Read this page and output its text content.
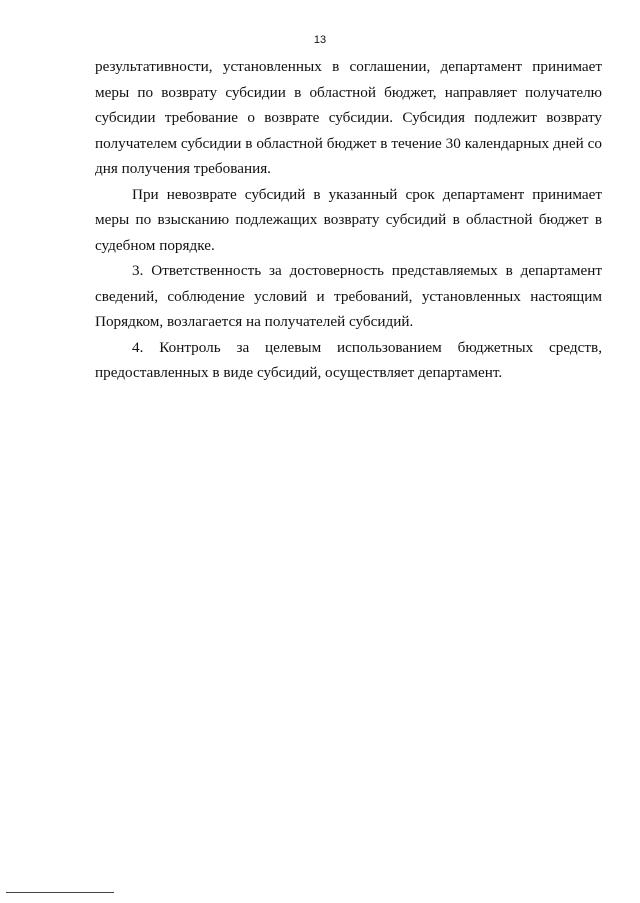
13

результативности, установленных в соглашении, департамент принимает меры по возврату субсидии в областной бюджет, направляет получателю субсидии требование о возврате субсидии. Субсидия подлежит возврату получателем субсидии в областной бюджет в течение 30 календарных дней со дня получения требования.

При невозврате субсидий в указанный срок департамент принимает меры по взысканию подлежащих возврату субсидий в областной бюджет в судебном порядке.

3. Ответственность за достоверность представляемых в департамент сведений, соблюдение условий и требований, установленных настоящим Порядком, возлагается на получателей субсидий.

4. Контроль за целевым использованием бюджетных средств, предоставленных в виде субсидий, осуществляет департамент.
